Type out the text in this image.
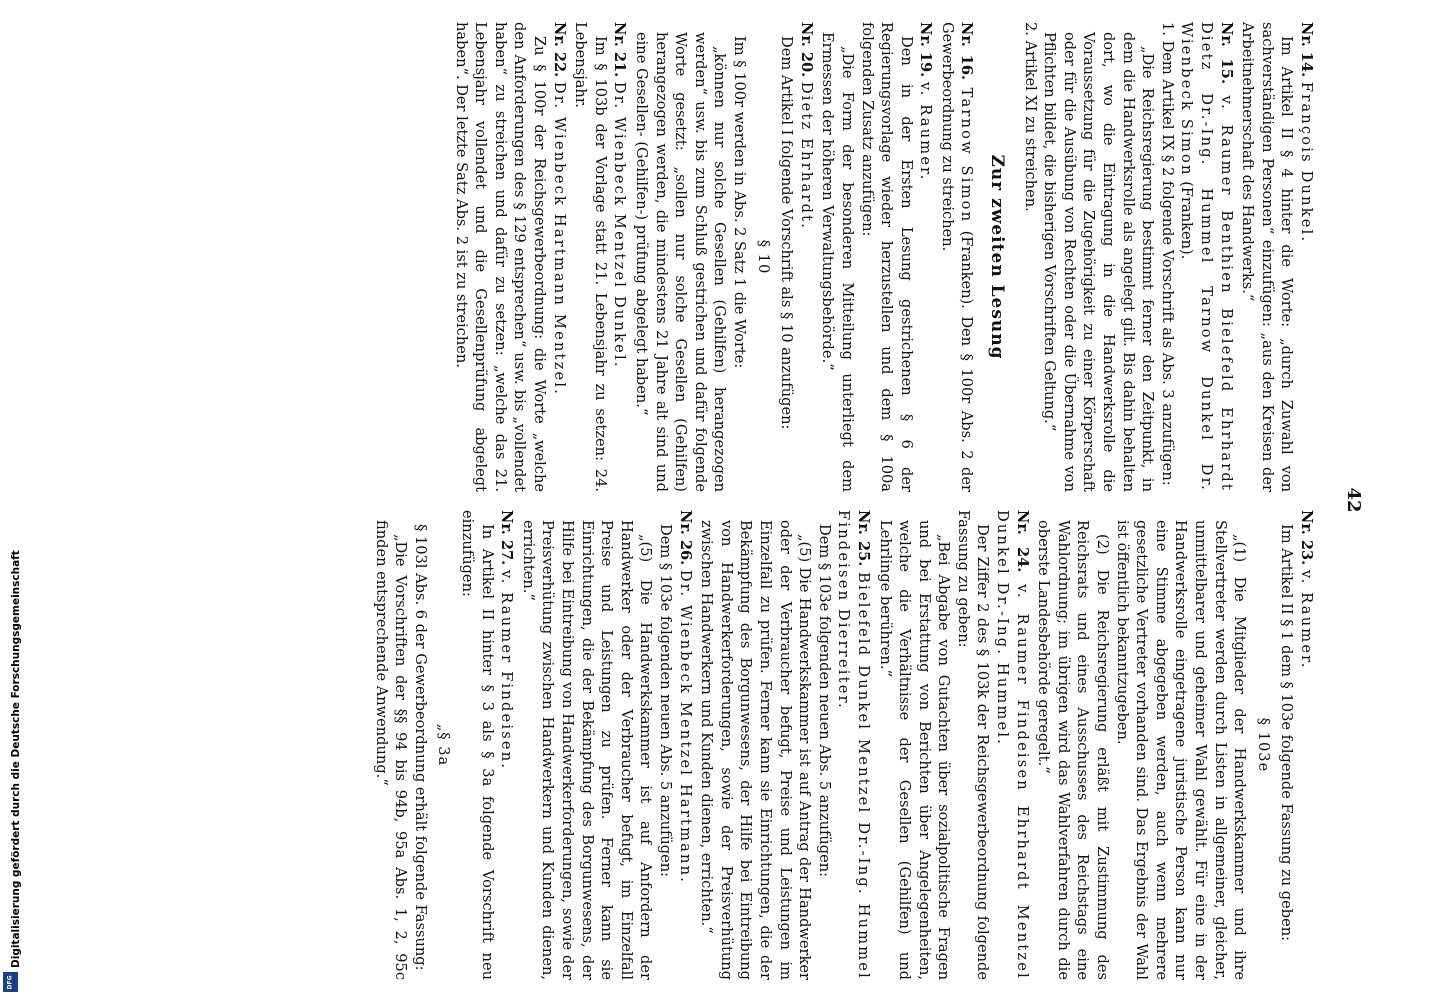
42

Nr. 14. François Dunkel.

Im Artikel II § 4 hinter die Worte: „durch Zuwahl von sachverständigen Personen“ einzufügen: „aus den Kreisen der Arbeitnehmerschaft des Handwerks.“

Nr. 15. v. Raumer Benthien Bielefeld Ehrhardt Dietz Dr.-Ing. Hummel Tarnow Dunkel Dr. Wienbeck Simon (Franken).

1. Dem Artikel IX § 2 folgende Vorschrift als Abs. 3 anzufügen:

„Die Reichsregierung bestimmt ferner den Zeitpunkt, in dem die Handwerksrolle als angelegt gilt. Bis dahin behalten dort, wo die Eintragung in die Handwerksrolle die Voraussetzung für die Zugehörigkeit zu einer Körperschaft oder für die Ausübung von Rechten oder die Übernahme von Pflichten bildet, die bisherigen Vorschriften Geltung.“

2. Artikel XI zu streichen.

Zur zweiten Lesung

Nr. 16. Tarnow Simon (Franken). Den § 100r Abs. 2 der Gewerbeordnung zu streichen.

Nr. 19. v. Raumer.

Den in der Ersten Lesung gestrichenen § 6 der Regierungsvorlage wieder herzustellen und dem § 100a folgenden Zusatz anzufügen:

„Die Form der besonderen Mitteilung unterliegt dem Ermessen der höheren Verwaltungsbehörde.“

Nr. 20. Dietz Ehrhardt.

Dem Artikel I folgende Vorschrift als § 10 anzufügen:

§ 10

Im § 100r werden in Abs. 2 Satz 1 die Worte:

„können nur solche Gesellen (Gehilfen) herangezogen werden“ usw. bis zum Schluß gestrichen und dafür folgende Worte gesetzt: „sollen nur solche Gesellen (Gehilfen) herangezogen werden, die mindestens 21 Jahre alt sind und eine Gesellen- (Gehilfen-) prüfung abgelegt haben.“

Nr. 21. Dr. Wienbeck Mentzel Dunkel.

Im § 103b der Vorlage statt 21. Lebensjahr zu setzen: 24. Lebensjahr.

Nr. 22. Dr. Wienbeck Hartmann Mentzel.

Zu § 100r der Reichsgewerbeordnung: die Worte „welche den Anforderungen des § 129 entsprechen“ usw. bis „vollendet haben“ zu streichen und dafür zu setzen: „welche das 21. Lebensjahr vollendet und die Gesellenprüfung abgelegt haben“. Der letzte Satz Abs. 2 ist zu streichen.

Nr. 23. v. Raumer.

Im Artikel II § 1 dem § 103e folgende Fassung zu geben:

§ 103e

„(1) Die Mitglieder der Handwerkskammer und ihre Stellvertreter werden durch Listen in allgemeiner, gleicher, unmittelbarer und geheimer Wahl gewählt. Für eine in der Handwerksrolle eingetragene juristische Person kann nur eine Stimme abgegeben werden, auch wenn mehrere gesetzliche Vertreter vorhanden sind. Das Ergebnis der Wahl ist öffentlich bekanntzugeben.

(2) Die Reichsregierung erläßt mit Zustimmung des Reichsrats und eines Ausschusses des Reichstags eine Wahlordnung; im übrigen wird das Wahlverfahren durch die oberste Landesbehörde geregelt.“

Nr. 24. v. Raumer Findeisen Ehrhardt Mentzel Dunkel Dr.-Ing. Hummel.

Der Ziffer 2 des § 103k der Reichsgewerbeordnung folgende Fassung zu geben:

„Bei Abgabe von Gutachten über sozialpolitische Fragen und bei Erstattung von Berichten über Angelegenheiten, welche die Verhältnisse der Gesellen (Gehilfen) und Lehrlinge berühren.“

Nr. 25. Bielefeld Dunkel Mentzel Dr.-Ing. Hummel Findeisen Dierreiter.

Dem § 103e folgenden neuen Abs. 5 anzufügen:

„(5) Die Handwerkskammer ist auf Antrag der Handwerker oder der Verbraucher befugt, Preise und Leistungen im Einzelfall zu prüfen. Ferner kann sie Einrichtungen, die der Bekämpfung des Borgunwesens, der Hilfe bei Eintreibung von Handwerkerforderungen, sowie der Preisverhütung zwischen Handwerkern und Kunden dienen, errichten.“

Nr. 26. Dr. Wienbeck Mentzel Hartmann.

Dem § 103e folgenden neuen Abs. 5 anzufügen:

„(5) Die Handwerkskammer ist auf Anfordern der Handwerker oder der Verbraucher befugt, im Einzelfall Preise und Leistungen zu prüfen. Ferner kann sie Einrichtungen, die der Bekämpfung des Borgunwesens, der Hilfe bei Eintreibung von Handwerkerforderungen, sowie der Preisverhütung zwischen Handwerkern und Kunden dienen, errichten.“

Nr. 27. v. Raumer Findeisen.

In Artikel II hinter § 3 als § 3a folgende Vorschrift neu einzufügen:

„§ 3a

§ 103l Abs. 6 der Gewerbeordnung erhält folgende Fassung:

„Die Vorschriften der §§ 94 bis 94b, 95a Abs. 1, 2, 95c finden entsprechende Anwendung.“

Digitalisierung gefördert durch die Deutsche Forschungsgemeinschaft
DFG
